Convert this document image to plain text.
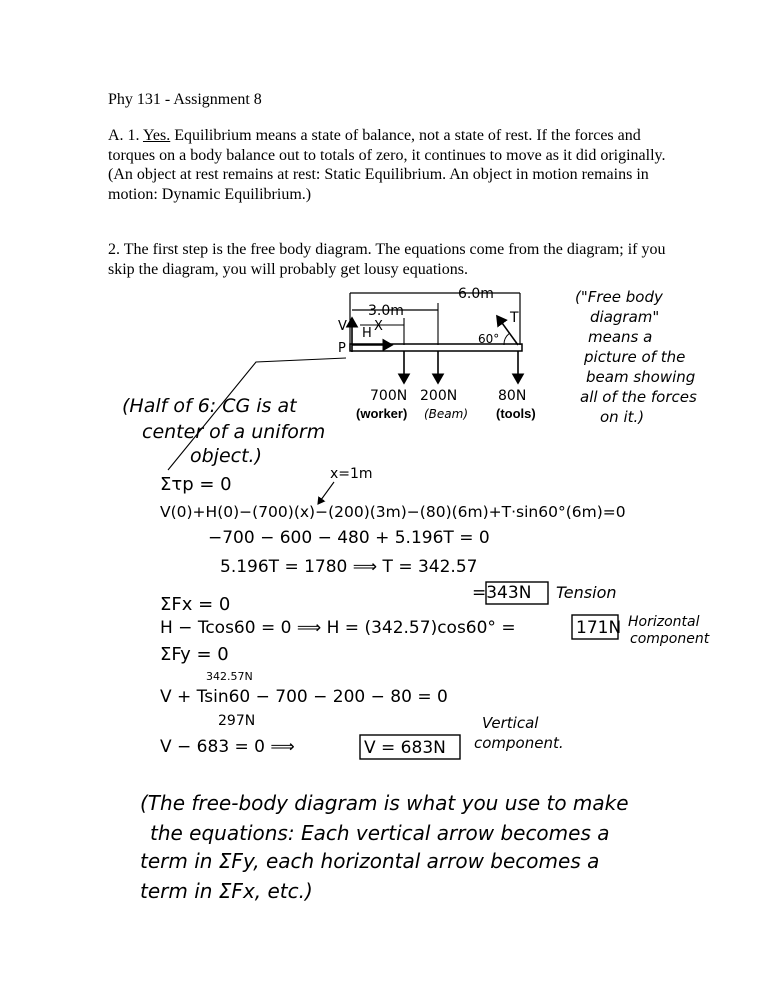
Phy 131 - Assignment 8
A. 1. Yes. Equilibrium means a state of balance, not a state of rest. If the forces and torques on a body balance out to totals of zero, it continues to move as it did originally. (An object at rest remains at rest: Static Equilibrium. An object in motion remains in motion: Dynamic Equilibrium.)
2. The first step is the free body diagram. The equations come from the diagram; if you skip the diagram, you will probably get lousy equations.
6.0m
3.0m
X
V H
P
T
60°
700N 200N	80N
(worker) (Beam) (tools)
("Free body
diagram"
means a
picture of the
beam showing
all of the forces
on it.)
(Half of 6: CG is at
center of a uniform
object.)
x=1m
Στp = 0
V(0)+H(0)−(700)(x)−(200)(3m)−(80)(6m)+T·sin60°(6m)=0
−700 − 600 − 480 + 5.196T = 0
5.196T = 1780 ⟹ T = 342.57
=343N Tension
ΣFx = 0
H − Tcos60 = 0 ⟹ H = (342.57)cos60° =	171N Horizontal
component
ΣFy = 0
342.57N
V + Tsin60 − 700 − 200 − 80 = 0
297N
V − 683 = 0 ⟹	V = 683N
Vertical
component.
(The free-body diagram is what you use to make
the equations: Each vertical arrow becomes a
term in ΣFy, each horizontal arrow becomes a
term in ΣFx, etc.)
